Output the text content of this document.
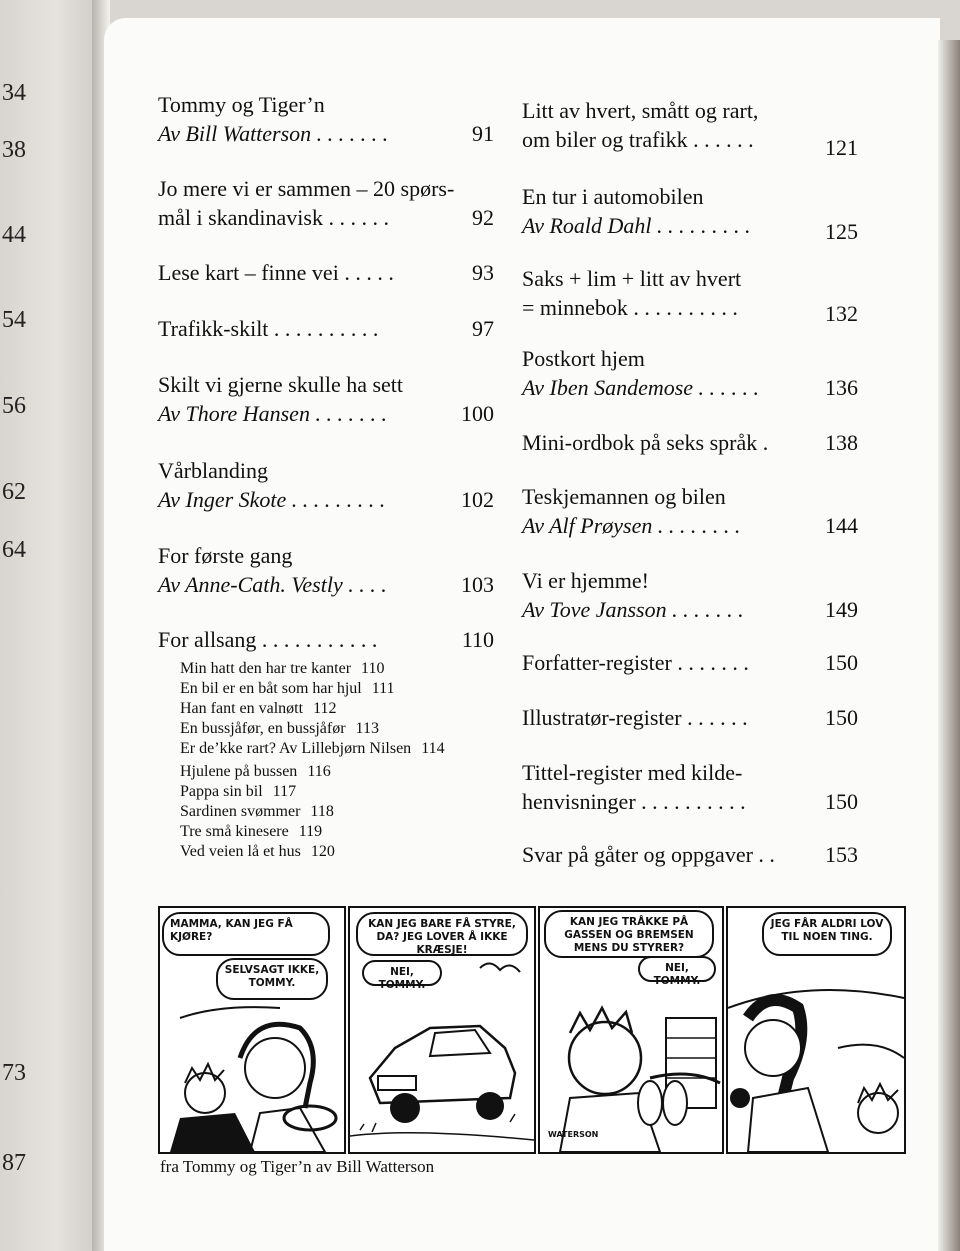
34
38
44
54
56
62
64
73
87
Tommy og Tiger’n
Av Bill Watterson . . . . . . .	91
Jo mere vi er sammen – 20 spørs-
mål i skandinavisk . . . . . .	92
Lese kart – finne vei . . . . .	93
Trafikk-skilt . . . . . . . . . .	97
Skilt vi gjerne skulle ha sett
Av Thore Hansen . . . . . . .	100
Vårblanding
Av Inger Skote . . . . . . . . .	102
For første gang
Av Anne-Cath. Vestly . . . .	103
For allsang . . . . . . . . . . .	110
Min hatt den har tre kanter 110
En bil er en båt som har hjul 111
Han fant en valnøtt 112
En bussjåfør, en bussjåfør 113
Er de’kke rart? Av Lillebjørn Nilsen 114
Hjulene på bussen 116
Pappa sin bil 117
Sardinen svømmer 118
Tre små kinesere 119
Ved veien lå et hus 120
Litt av hvert, smått og rart,
om biler og trafikk . . . . . .	121
En tur i automobilen
Av Roald Dahl . . . . . . . . .	125
Saks + lim + litt av hvert
= minnebok . . . . . . . . . .	132
Postkort hjem
Av Iben Sandemose . . . . . .	136
Mini-ordbok på seks språk .	138
Teskjemannen og bilen
Av Alf Prøysen . . . . . . . .	144
Vi er hjemme!
Av Tove Jansson . . . . . . .	149
Forfatter-register . . . . . . .	150
Illustratør-register . . . . . .	150
Tittel-register med kilde-
henvisninger . . . . . . . . . .	150
Svar på gåter og oppgaver . . 153
MAMMA, KAN JEG FÅ KJØRE?
SELVSAGT IKKE, TOMMY.
KAN JEG BARE FÅ STYRE, DA? JEG LOVER Å IKKE KRÆSJE!
NEI, TOMMY.
KAN JEG TRÅKKE PÅ GASSEN OG BREMSEN MENS DU STYRER?
NEI, TOMMY.
WATERSON
JEG FÅR ALDRI LOV TIL NOEN TING.
fra Tommy og Tiger’n av Bill Watterson
